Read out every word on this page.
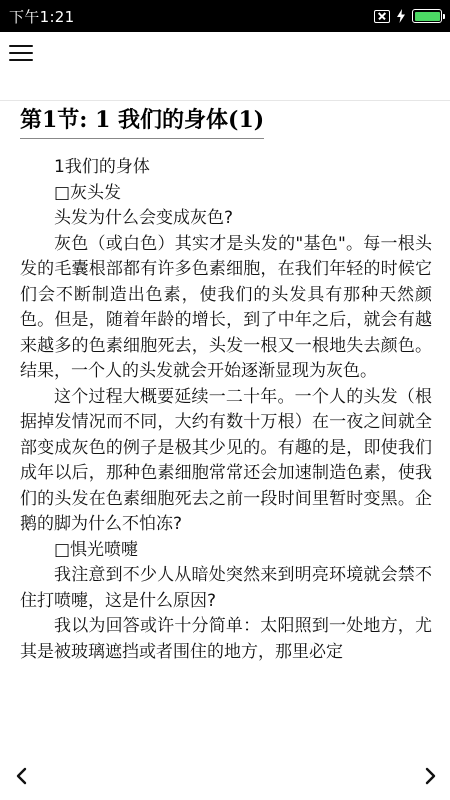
下午1:21
第1节: 1 我们的身体(1)

1我们的身体

□灰头发

头发为什么会变成灰色?

灰色（或白色）其实才是头发的"基色"。每一根头发的毛囊根部都有许多色素细胞，在我们年轻的时候它们会不断制造出色素，使我们的头发具有那种天然颜色。但是，随着年龄的增长，到了中年之后，就会有越来越多的色素细胞死去，头发一根又一根地失去颜色。结果，一个人的头发就会开始逐渐显现为灰色。

这个过程大概要延续一二十年。一个人的头发（根据掉发情况而不同，大约有数十万根）在一夜之间就全部变成灰色的例子是极其少见的。有趣的是，即使我们成年以后，那种色素细胞常常还会加速制造色素，使我们的头发在色素细胞死去之前一段时间里暂时变黑。企鹅的脚为什么不怕冻?

□惧光喷嚏

我注意到不少人从暗处突然来到明亮环境就会禁不住打喷嚏，这是什么原因?

我以为回答或许十分简单：太阳照到一处地方，尤其是被玻璃遮挡或者围住的地方，那里必定
